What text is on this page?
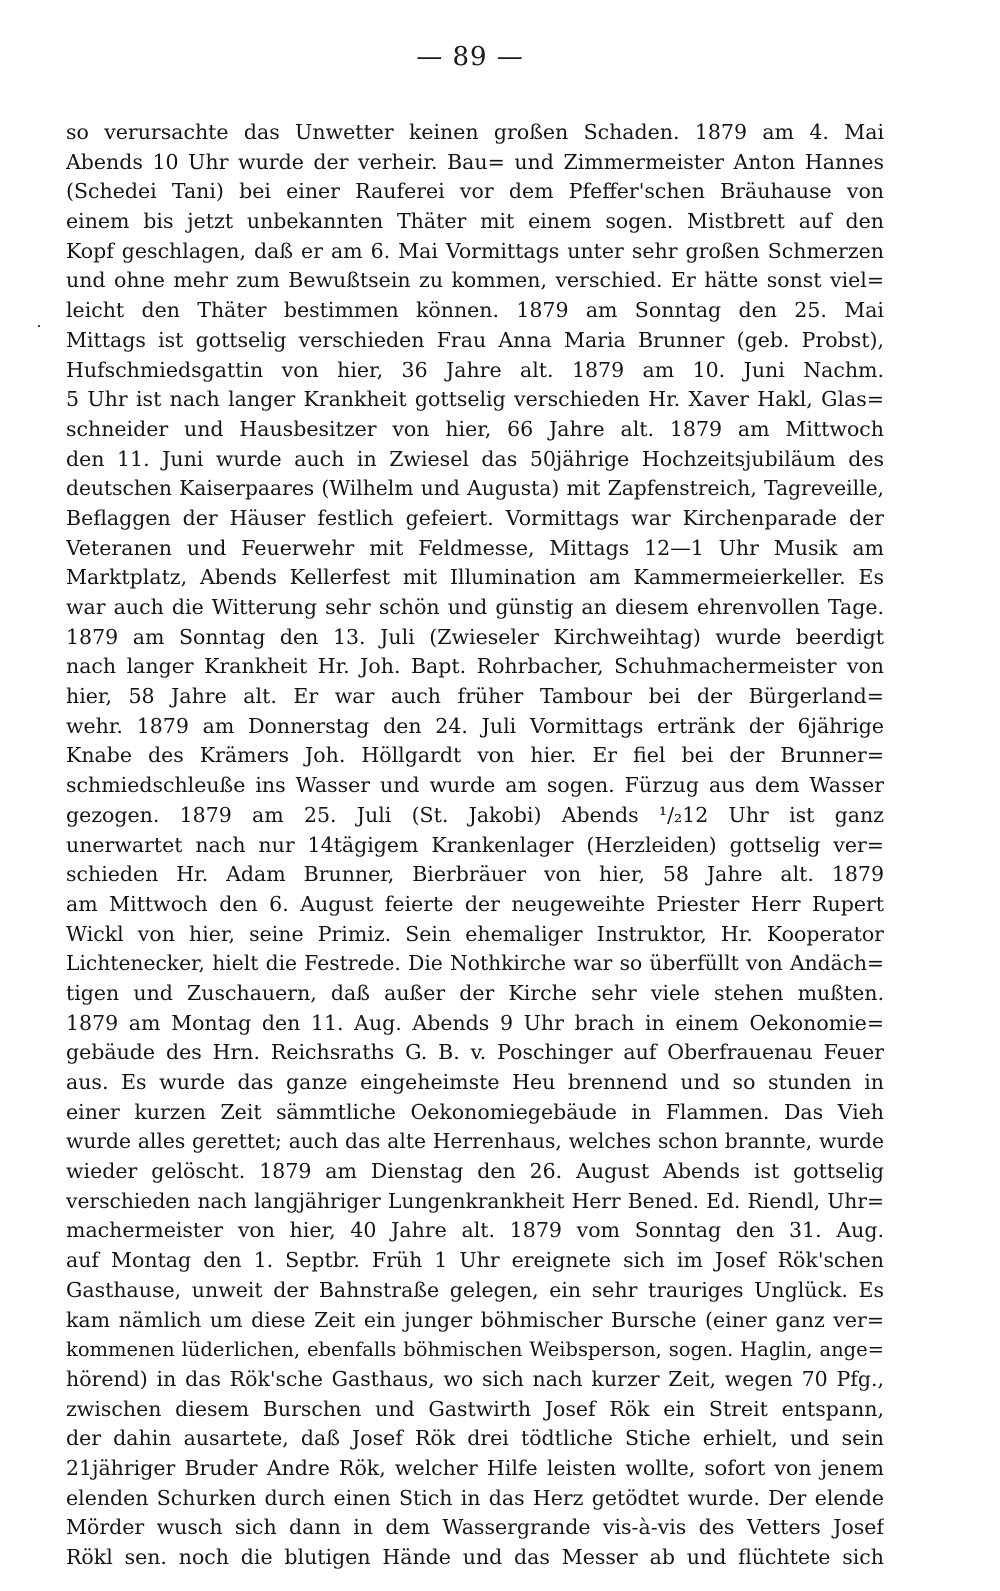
— 89 —
so verursachte das Unwetter keinen großen Schaden. 1879 am 4. Mai
Abends 10 Uhr wurde der verheir. Bau= und Zimmermeister Anton Hannes
(Schedei Tani) bei einer Rauferei vor dem Pfeffer'schen Bräuhause von
einem bis jetzt unbekannten Thäter mit einem sogen. Mistbrett auf den
Kopf geschlagen, daß er am 6. Mai Vormittags unter sehr großen Schmerzen
und ohne mehr zum Bewußtsein zu kommen, verschied. Er hätte sonst viel=
leicht den Thäter bestimmen können. 1879 am Sonntag den 25. Mai
Mittags ist gottselig verschieden Frau Anna Maria Brunner (geb. Probst),
Hufschmiedsgattin von hier, 36 Jahre alt. 1879 am 10. Juni Nachm.
5 Uhr ist nach langer Krankheit gottselig verschieden Hr. Xaver Hakl, Glas=
schneider und Hausbesitzer von hier, 66 Jahre alt. 1879 am Mittwoch
den 11. Juni wurde auch in Zwiesel das 50jährige Hochzeitsjubiläum des
deutschen Kaiserpaares (Wilhelm und Augusta) mit Zapfenstreich, Tagreveille,
Beflaggen der Häuser festlich gefeiert. Vormittags war Kirchenparade der
Veteranen und Feuerwehr mit Feldmesse, Mittags 12—1 Uhr Musik am
Marktplatz, Abends Kellerfest mit Illumination am Kammermeierkeller. Es
war auch die Witterung sehr schön und günstig an diesem ehrenvollen Tage.
1879 am Sonntag den 13. Juli (Zwieseler Kirchweihtag) wurde beerdigt
nach langer Krankheit Hr. Joh. Bapt. Rohrbacher, Schuhmachermeister von
hier, 58 Jahre alt. Er war auch früher Tambour bei der Bürgerland=
wehr. 1879 am Donnerstag den 24. Juli Vormittags ertränk der 6jährige
Knabe des Krämers Joh. Höllgardt von hier. Er fiel bei der Brunner=
schmiedschleuße ins Wasser und wurde am sogen. Fürzug aus dem Wasser
gezogen. 1879 am 25. Juli (St. Jakobi) Abends ¹/₂12 Uhr ist ganz
unerwartet nach nur 14tägigem Krankenlager (Herzleiden) gottselig ver=
schieden Hr. Adam Brunner, Bierbräuer von hier, 58 Jahre alt. 1879
am Mittwoch den 6. August feierte der neugeweihte Priester Herr Rupert
Wickl von hier, seine Primiz. Sein ehemaliger Instruktor, Hr. Kooperator
Lichtenecker, hielt die Festrede. Die Nothkirche war so überfüllt von Andäch=
tigen und Zuschauern, daß außer der Kirche sehr viele stehen mußten.
1879 am Montag den 11. Aug. Abends 9 Uhr brach in einem Oekonomie=
gebäude des Hrn. Reichsraths G. B. v. Poschinger auf Oberfrauenau Feuer
aus. Es wurde das ganze eingeheimste Heu brennend und so stunden in
einer kurzen Zeit sämmtliche Oekonomiegebäude in Flammen. Das Vieh
wurde alles gerettet; auch das alte Herrenhaus, welches schon brannte, wurde
wieder gelöscht. 1879 am Dienstag den 26. August Abends ist gottselig
verschieden nach langjähriger Lungenkrankheit Herr Bened. Ed. Riendl, Uhr=
machermeister von hier, 40 Jahre alt. 1879 vom Sonntag den 31. Aug.
auf Montag den 1. Septbr. Früh 1 Uhr ereignete sich im Josef Rök'schen
Gasthause, unweit der Bahnstraße gelegen, ein sehr trauriges Unglück. Es
kam nämlich um diese Zeit ein junger böhmischer Bursche (einer ganz ver=
kommenen lüderlichen, ebenfalls böhmischen Weibsperson, sogen. Haglin, ange=
hörend) in das Rök'sche Gasthaus, wo sich nach kurzer Zeit, wegen 70 Pfg.,
zwischen diesem Burschen und Gastwirth Josef Rök ein Streit entspann,
der dahin ausartete, daß Josef Rök drei tödtliche Stiche erhielt, und sein
21jähriger Bruder Andre Rök, welcher Hilfe leisten wollte, sofort von jenem
elenden Schurken durch einen Stich in das Herz getödtet wurde. Der elende
Mörder wusch sich dann in dem Wassergrande vis-à-vis des Vetters Josef
Rökl sen. noch die blutigen Hände und das Messer ab und flüchtete sich
